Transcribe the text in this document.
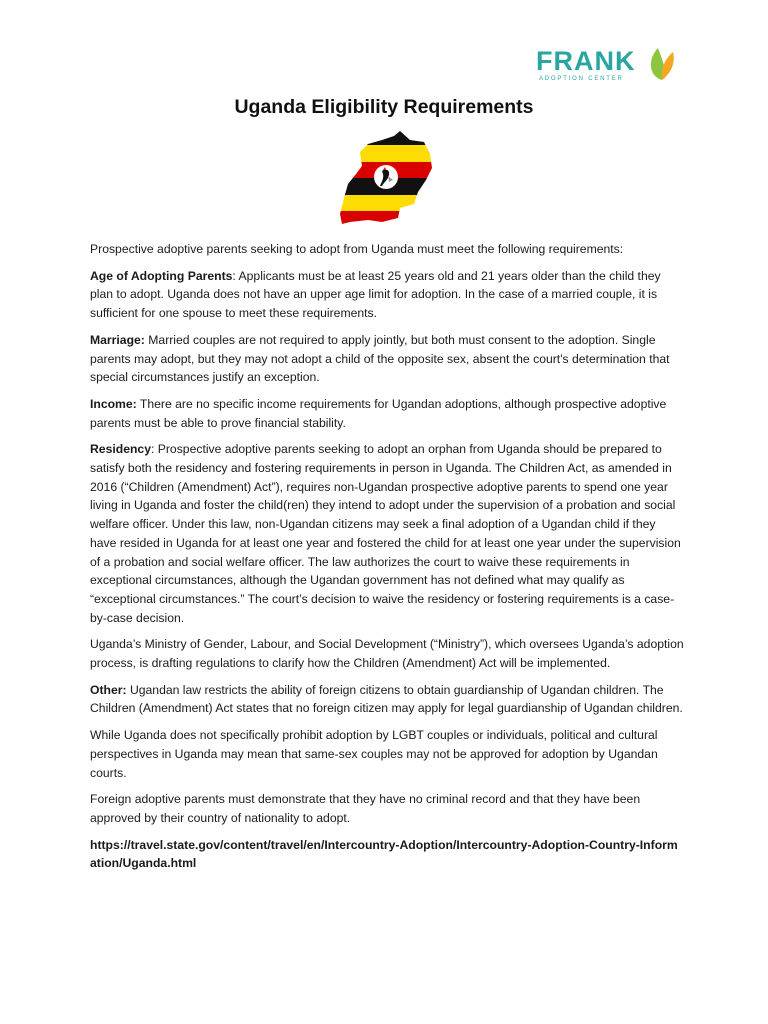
FRANK
ADOPTION CENTER
Uganda Eligibility Requirements

Prospective adoptive parents seeking to adopt from Uganda must meet the following requirements:

Age of Adopting Parents: Applicants must be at least 25 years old and 21 years older than the child they plan to adopt. Uganda does not have an upper age limit for adoption. In the case of a married couple, it is sufficient for one spouse to meet these requirements.

Marriage: Married couples are not required to apply jointly, but both must consent to the adoption. Single parents may adopt, but they may not adopt a child of the opposite sex, absent the court's determination that special circumstances justify an exception.

Income: There are no specific income requirements for Ugandan adoptions, although prospective adoptive parents must be able to prove financial stability.

Residency: Prospective adoptive parents seeking to adopt an orphan from Uganda should be prepared to satisfy both the residency and fostering requirements in person in Uganda. The Children Act, as amended in 2016 (“Children (Amendment) Act”), requires non-Ugandan prospective adoptive parents to spend one year living in Uganda and foster the child(ren) they intend to adopt under the supervision of a probation and social welfare officer. Under this law, non-Ugandan citizens may seek a final adoption of a Ugandan child if they have resided in Uganda for at least one year and fostered the child for at least one year under the supervision of a probation and social welfare officer. The law authorizes the court to waive these requirements in exceptional circumstances, although the Ugandan government has not defined what may qualify as “exceptional circumstances.” The court’s decision to waive the residency or fostering requirements is a case-by-case decision.

Uganda’s Ministry of Gender, Labour, and Social Development (“Ministry”), which oversees Uganda’s adoption process, is drafting regulations to clarify how the Children (Amendment) Act will be implemented.

Other: Ugandan law restricts the ability of foreign citizens to obtain guardianship of Ugandan children. The Children (Amendment) Act states that no foreign citizen may apply for legal guardianship of Ugandan children.

While Uganda does not specifically prohibit adoption by LGBT couples or individuals, political and cultural perspectives in Uganda may mean that same-sex couples may not be approved for adoption by Ugandan courts.

Foreign adoptive parents must demonstrate that they have no criminal record and that they have been approved by their country of nationality to adopt.

https://travel.state.gov/content/travel/en/Intercountry-Adoption/Intercountry-Adoption-Country-Information/Uganda.html
